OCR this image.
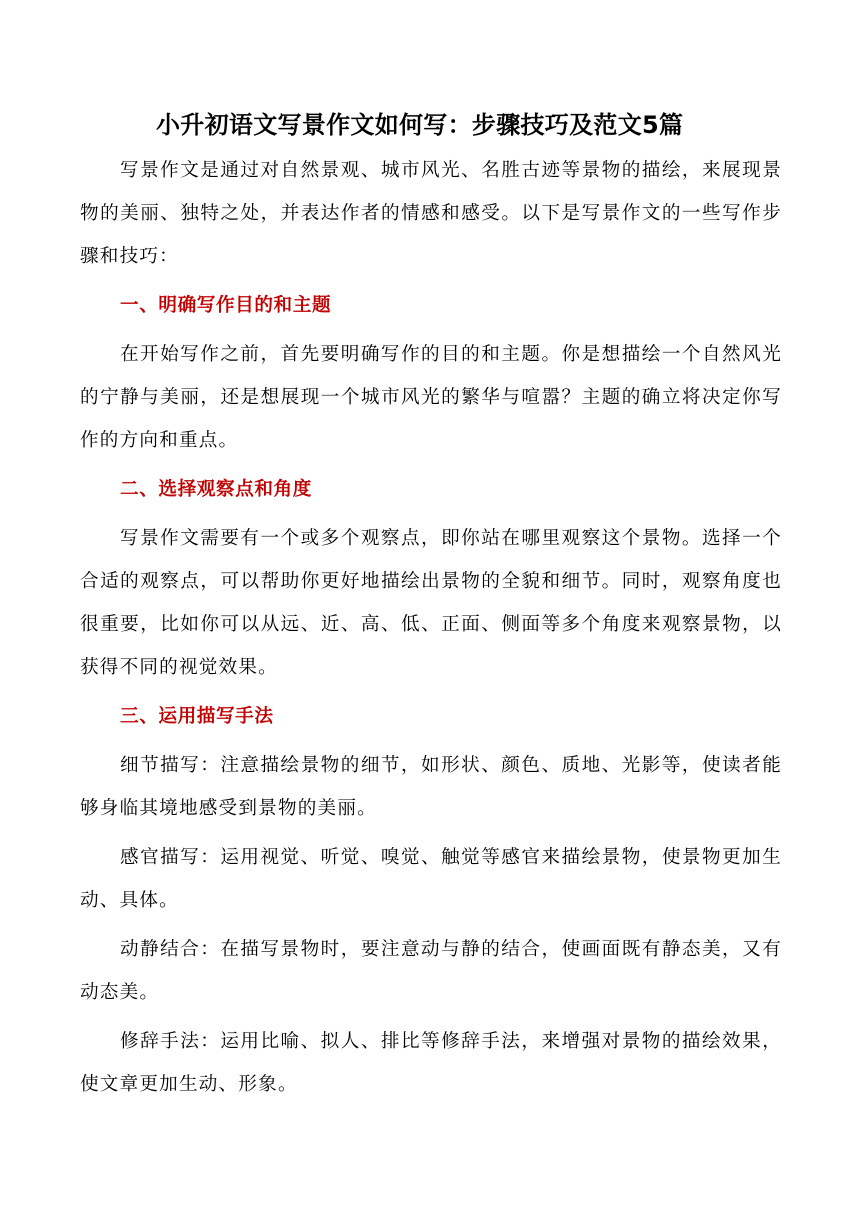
小升初语文写景作文如何写：步骤技巧及范文5篇

写景作文是通过对自然景观、城市风光、名胜古迹等景物的描绘，来展现景物的美丽、独特之处，并表达作者的情感和感受。以下是写景作文的一些写作步骤和技巧：

一、明确写作目的和主题

在开始写作之前，首先要明确写作的目的和主题。你是想描绘一个自然风光的宁静与美丽，还是想展现一个城市风光的繁华与喧嚣？主题的确立将决定你写作的方向和重点。

二、选择观察点和角度

写景作文需要有一个或多个观察点，即你站在哪里观察这个景物。选择一个合适的观察点，可以帮助你更好地描绘出景物的全貌和细节。同时，观察角度也很重要，比如你可以从远、近、高、低、正面、侧面等多个角度来观察景物，以获得不同的视觉效果。

三、运用描写手法

细节描写：注意描绘景物的细节，如形状、颜色、质地、光影等，使读者能够身临其境地感受到景物的美丽。

感官描写：运用视觉、听觉、嗅觉、触觉等感官来描绘景物，使景物更加生动、具体。

动静结合：在描写景物时，要注意动与静的结合，使画面既有静态美，又有动态美。

修辞手法：运用比喻、拟人、排比等修辞手法，来增强对景物的描绘效果，使文章更加生动、形象。
